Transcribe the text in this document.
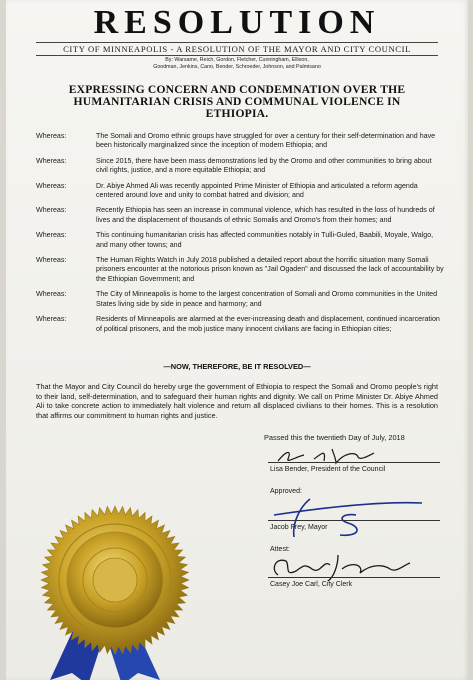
RESOLUTION
CITY OF MINNEAPOLIS - A RESOLUTION OF THE MAYOR AND CITY COUNCIL
By: Warsame, Reich, Gordon, Fletcher, Cunningham, Ellison,
Goodman, Jenkins, Cano, Bender, Schroeder, Johnson, and Palmisano
EXPRESSING CONCERN AND CONDEMNATION OVER THE HUMANITARIAN CRISIS AND COMMUNAL VIOLENCE IN ETHIOPIA.
Whereas:	The Somali and Oromo ethnic groups have struggled for over a century for their self-determination and have been historically marginalized since the inception of modern Ethiopia; and
Whereas:	Since 2015, there have been mass demonstrations led by the Oromo and other communities to bring about civil rights, justice, and a more equitable Ethiopia; and
Whereas:	Dr. Abiye Ahmed Ali was recently appointed Prime Minister of Ethiopia and articulated a reform agenda centered around love and unity to combat hatred and division; and
Whereas:	Recently Ethiopia has seen an increase in communal violence, which has resulted in the loss of hundreds of lives and the displacement of thousands of ethnic Somalis and Oromo's from their homes; and
Whereas:	This continuing humanitarian crisis has affected communities notably in Tulli-Guled, Baabili, Moyale, Walgo, and many other towns; and
Whereas:	The Human Rights Watch in July 2018 published a detailed report about the horrific situation many Somali prisoners encounter at the notorious prison known as "Jail Ogaden" and discussed the lack of accountability by the Ethiopian Government; and
Whereas:	The City of Minneapolis is home to the largest concentration of Somali and Oromo communities in the United States living side by side in peace and harmony; and
Whereas:	Residents of Minneapolis are alarmed at the ever-increasing death and displacement, continued incarceration of political prisoners, and the mob justice many innocent civilians are facing in Ethiopian cities;
—NOW, THEREFORE, BE IT RESOLVED—
That the Mayor and City Council do hereby urge the government of Ethiopia to respect the Somali and Oromo people's right to their land, self-determination, and to safeguard their human rights and dignity. We call on Prime Minister Dr. Abiye Ahmed Ali to take concrete action to immediately halt violence and return all displaced civilians to their homes. This is a resolution that affirms our commitment to human rights and justice.
Passed this the twentieth Day of July, 2018
Lisa Bender, President of the Council
Approved:
Jacob Frey, Mayor
Attest:
Casey Joe Carl, City Clerk
